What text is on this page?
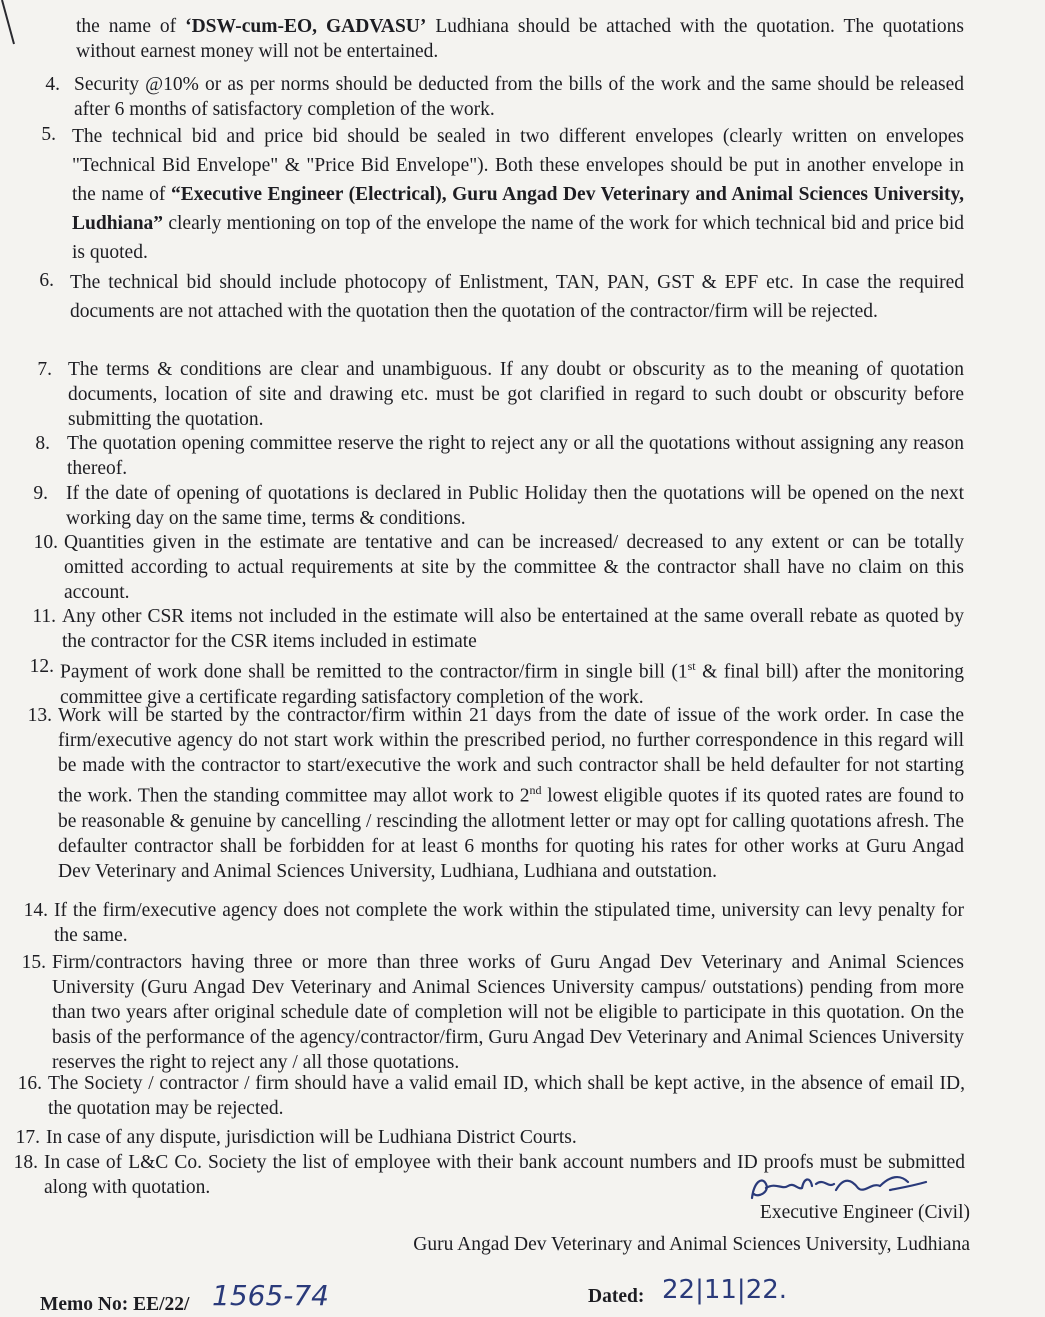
the name of ‘DSW-cum-EO, GADVASU’ Ludhiana should be attached with the quotation. The quotations without earnest money will not be entertained.
4. Security @10% or as per norms should be deducted from the bills of the work and the same should be released after 6 months of satisfactory completion of the work.
5. The technical bid and price bid should be sealed in two different envelopes (clearly written on envelopes "Technical Bid Envelope" & "Price Bid Envelope"). Both these envelopes should be put in another envelope in the name of “Executive Engineer (Electrical), Guru Angad Dev Veterinary and Animal Sciences University, Ludhiana” clearly mentioning on top of the envelope the name of the work for which technical bid and price bid is quoted.
6. The technical bid should include photocopy of Enlistment, TAN, PAN, GST & EPF etc. In case the required documents are not attached with the quotation then the quotation of the contractor/firm will be rejected.
7. The terms & conditions are clear and unambiguous. If any doubt or obscurity as to the meaning of quotation documents, location of site and drawing etc. must be got clarified in regard to such doubt or obscurity before submitting the quotation.
8. The quotation opening committee reserve the right to reject any or all the quotations without assigning any reason thereof.
9. If the date of opening of quotations is declared in Public Holiday then the quotations will be opened on the next working day on the same time, terms & conditions.
10. Quantities given in the estimate are tentative and can be increased/ decreased to any extent or can be totally omitted according to actual requirements at site by the committee & the contractor shall have no claim on this account.
11. Any other CSR items not included in the estimate will also be entertained at the same overall rebate as quoted by the contractor for the CSR items included in estimate
12. Payment of work done shall be remitted to the contractor/firm in single bill (1st & final bill) after the monitoring committee give a certificate regarding satisfactory completion of the work.
13. Work will be started by the contractor/firm within 21 days from the date of issue of the work order. In case the firm/executive agency do not start work within the prescribed period, no further correspondence in this regard will be made with the contractor to start/executive the work and such contractor shall be held defaulter for not starting the work. Then the standing committee may allot work to 2nd lowest eligible quotes if its quoted rates are found to be reasonable & genuine by cancelling / rescinding the allotment letter or may opt for calling quotations afresh. The defaulter contractor shall be forbidden for at least 6 months for quoting his rates for other works at Guru Angad Dev Veterinary and Animal Sciences University, Ludhiana, Ludhiana and outstation.
14. If the firm/executive agency does not complete the work within the stipulated time, university can levy penalty for the same.
15. Firm/contractors having three or more than three works of Guru Angad Dev Veterinary and Animal Sciences University (Guru Angad Dev Veterinary and Animal Sciences University campus/ outstations) pending from more than two years after original schedule date of completion will not be eligible to participate in this quotation. On the basis of the performance of the agency/contractor/firm, Guru Angad Dev Veterinary and Animal Sciences University reserves the right to reject any / all those quotations.
16. The Society / contractor / firm should have a valid email ID, which shall be kept active, in the absence of email ID, the quotation may be rejected.
17. In case of any dispute, jurisdiction will be Ludhiana District Courts.
18. In case of L&C Co. Society the list of employee with their bank account numbers and ID proofs must be submitted along with quotation.
Executive Engineer (Civil)
Guru Angad Dev Veterinary and Animal Sciences University, Ludhiana
Memo No: EE/22/ 1565-74	Dated: 22|11|22.
